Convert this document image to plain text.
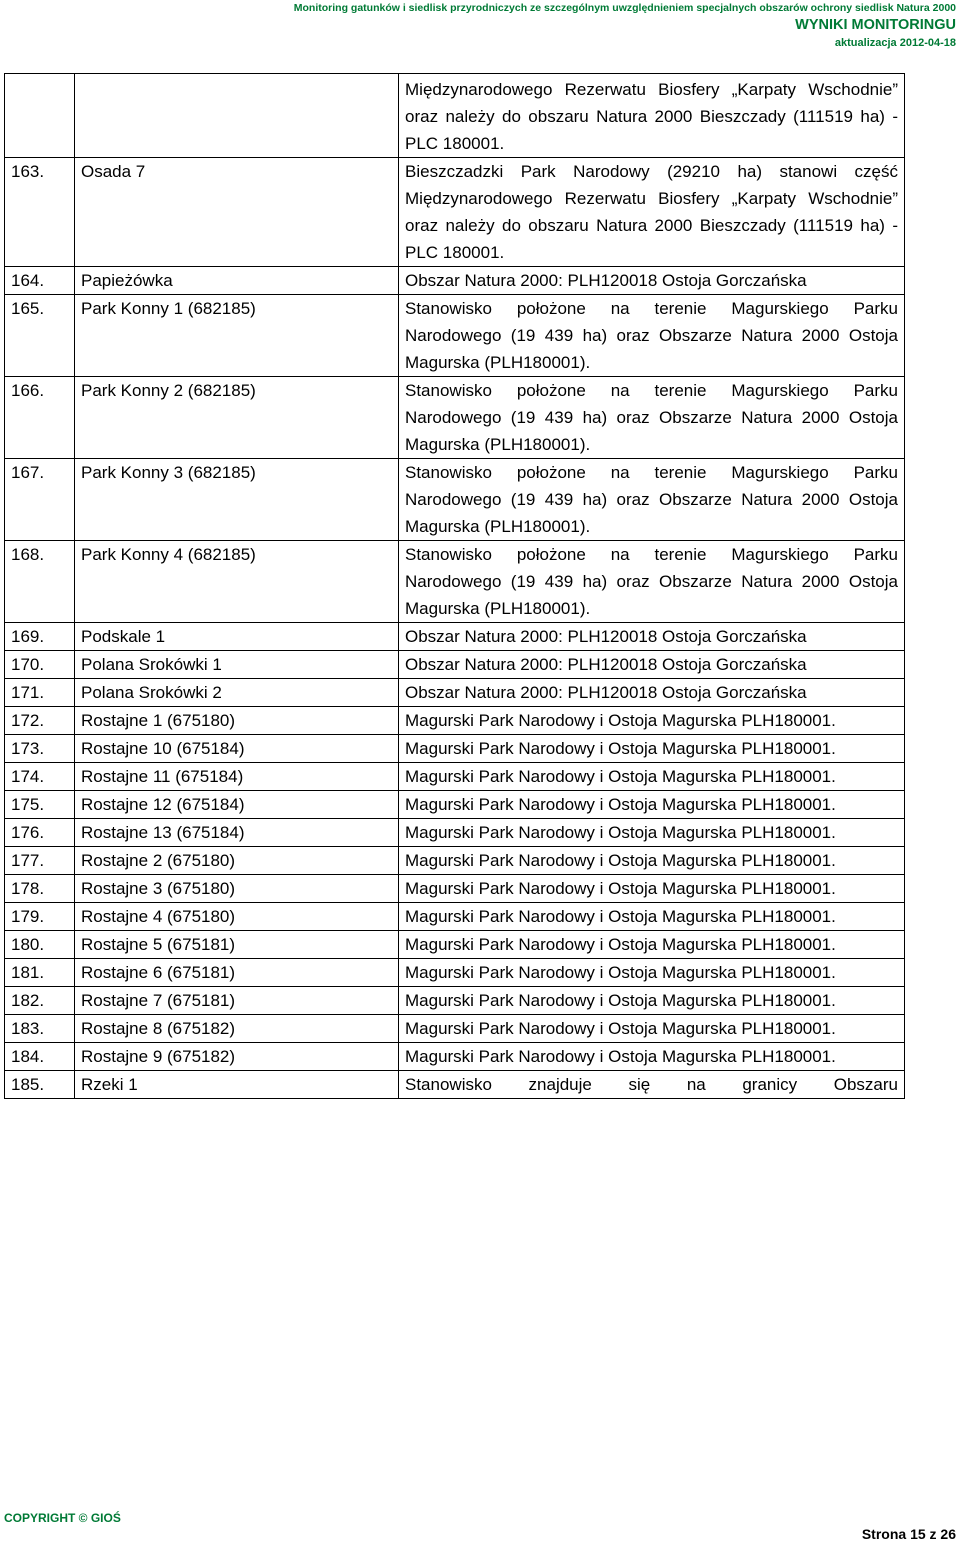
Monitoring gatunków i siedlisk przyrodniczych ze szczególnym uwzględnieniem specjalnych obszarów ochrony siedlisk Natura 2000
WYNIKI MONITORINGU
aktualizacja 2012-04-18
		Międzynarodowego Rezerwatu Biosfery „Karpaty Wschodnie” oraz należy do obszaru Natura 2000 Bieszczady (111519 ha) -PLC 180001.
163.	Osada 7	Bieszczadzki Park Narodowy (29210 ha) stanowi część Międzynarodowego Rezerwatu Biosfery „Karpaty Wschodnie” oraz należy do obszaru Natura 2000 Bieszczady (111519 ha) -PLC 180001.
164.	Papieżówka	Obszar Natura 2000: PLH120018 Ostoja Gorczańska
165.	Park Konny 1 (682185)	Stanowisko położone na terenie Magurskiego Parku Narodowego (19 439 ha) oraz Obszarze Natura 2000 Ostoja Magurska (PLH180001).
166.	Park Konny 2 (682185)	Stanowisko położone na terenie Magurskiego Parku Narodowego (19 439 ha) oraz Obszarze Natura 2000 Ostoja Magurska (PLH180001).
167.	Park Konny 3 (682185)	Stanowisko położone na terenie Magurskiego Parku Narodowego (19 439 ha) oraz Obszarze Natura 2000 Ostoja Magurska (PLH180001).
168.	Park Konny 4 (682185)	Stanowisko położone na terenie Magurskiego Parku Narodowego (19 439 ha) oraz Obszarze Natura 2000 Ostoja Magurska (PLH180001).
169.	Podskale 1	Obszar Natura 2000: PLH120018 Ostoja Gorczańska
170.	Polana Srokówki 1	Obszar Natura 2000: PLH120018 Ostoja Gorczańska
171.	Polana Srokówki 2	Obszar Natura 2000: PLH120018 Ostoja Gorczańska
172.	Rostajne 1 (675180)	Magurski Park Narodowy i Ostoja Magurska PLH180001.
173.	Rostajne 10 (675184)	Magurski Park Narodowy i Ostoja Magurska PLH180001.
174.	Rostajne 11 (675184)	Magurski Park Narodowy i Ostoja Magurska PLH180001.
175.	Rostajne 12 (675184)	Magurski Park Narodowy i Ostoja Magurska PLH180001.
176.	Rostajne 13 (675184)	Magurski Park Narodowy i Ostoja Magurska PLH180001.
177.	Rostajne 2 (675180)	Magurski Park Narodowy i Ostoja Magurska PLH180001.
178.	Rostajne 3 (675180)	Magurski Park Narodowy i Ostoja Magurska PLH180001.
179.	Rostajne 4 (675180)	Magurski Park Narodowy i Ostoja Magurska PLH180001.
180.	Rostajne 5 (675181)	Magurski Park Narodowy i Ostoja Magurska PLH180001.
181.	Rostajne 6 (675181)	Magurski Park Narodowy i Ostoja Magurska PLH180001.
182.	Rostajne 7 (675181)	Magurski Park Narodowy i Ostoja Magurska PLH180001.
183.	Rostajne 8 (675182)	Magurski Park Narodowy i Ostoja Magurska PLH180001.
184.	Rostajne 9 (675182)	Magurski Park Narodowy i Ostoja Magurska PLH180001.
185.	Rzeki 1	Stanowisko znajduje się na granicy Obszaru
COPYRIGHT © GIOŚ
Strona 15 z 26
